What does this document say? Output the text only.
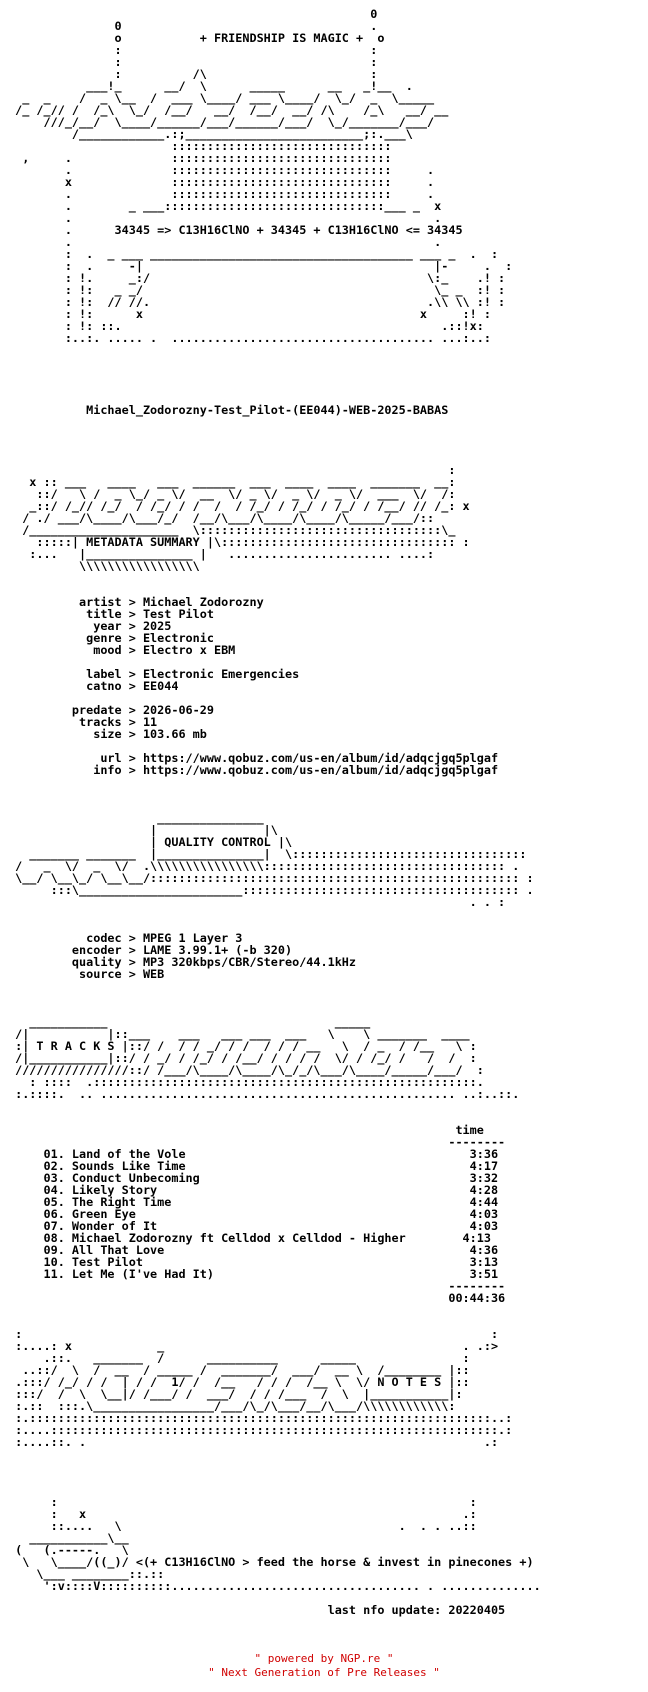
0
0                                   .
o           + FRIENDSHIP IS MAGIC +  o
:                                   :
:                                   :
:          /\                       :
___!_      __/  \      _____      __   _!__  .
_  _    /  _ \__  /  ___ \____/ ___ \____/  \_/  _  \_____
/_ /_// /  /_\  \_/  /__/   __/  /__/  __/ /\    /_\   __/ __
///_/__/  \____/______/___/______/___/  \_/_______/___/
/____________.:;_________________________;:.___\
:::::::::::::::::::::::::::::::
,     .              :::::::::::::::::::::::::::::::
.              :::::::::::::::::::::::::::::::     .
x              :::::::::::::::::::::::::::::::     .
.              :::::::::::::::::::::::::::::::     .
.        _ ___:::::::::::::::::::::::::::::::___ _  x
.                                                   .
.      34345 => C13H16ClNO + 34345 + C13H16ClNO <= 34345
.                                                   .
:  .  _ ___ _____________________________________ ___ _  .  :
:  .     -|                                         |-     .  :
: !.     _:/                                       \:_    .! :
: !:   _ _/                                         \_ _  :! :
: !:  // //.                                       .\\ \\ :! :
: !:      x                                       x     :! :
: !: ::.                                             .::!x:
:..:. ..... .  ..................................... ...:..:

Michael_Zodorozny-Test_Pilot-(EE044)-WEB-2025-BABAS

:
x :: ___   ____   ___  ______  ___  ____  ____  _______  __:
::/   \ /  _ \_/ _ \/  __  \/ _ \/  _ \/  _ \/  ___  \/  /:
_::/ /_// /_/  / /_/ / /  /  / /_/ / /_/ / /_/ / /__/ // /_: x
/ ./ ___/\____/\___/_/  /__/\___/\____/\____/\_____/___/::
/_____________________  \::::::::::::::::::::::::::::::::::\_
:::::| METADATA SUMMARY |\::::::::::::::::::::::::::::::::: :
:...   |_______________ |   ....................... ....:
\\\\\\\\\\\\\\\\\

artist > Michael Zodorozny
title > Test Pilot
year > 2025
genre > Electronic
mood > Electro x EBM

label > Electronic Emergencies
catno > EE044

predate > 2026-06-29
tracks > 11
size > 103.66 mb

url > https://www.qobuz.com/us-en/album/id/adqcjgq5plgaf
info > https://www.qobuz.com/us-en/album/id/adqcjgq5plgaf

_______________
|               |\
| QUALITY CONTROL |\
_______ _______  |_______________|  \:::::::::::::::::::::::::::::::::
/   _  \/  _  \/  .\\\\\\\\\\\\\\\\:::::::::::::::::::::::::::::::::: .
\__/ \__\_/ \__\__/:::::::::::::::::::::::::::::::::::::::::::::::::::: :
:::\_______________________::::::::::::::::::::::::::::::::::::::: .
. . :

codec > MPEG 1 Layer 3
encoder > LAME 3.99.1+ (-b 320)
quality > MP3 320kbps/CBR/Stereo/44.1kHz
source > WEB

___________                                _____
/|           |::___    ___   ___ ___  ___   \    \ _______  ____
:| T R A C K S |::/ /  / / _/ / /  / / / __   \  / _  / /__   \ :
/|___________|::/ / _/ / /_/ / /__/ / / / /  \/ / /_/ /   /  /  :
////////////////::/ /___/\____/\____/\_/_/\___/\____/_____/___/  :
: ::::  .::::::::::::::::::::::::::::::::::::::::::::::::::::::.
:.::::.  .. .................................................. ..:..::.

time
--------
01. Land of the Vole                                        3:36
02. Sounds Like Time                                        4:17
03. Conduct Unbecoming                                      3:32
04. Likely Story                                            4:28
05. The Right Time                                          4:44
06. Green Eye                                               4:03
07. Wonder of It                                            4:03
08. Michael Zodorozny ft Celldod x Celldod - Higher        4:13
09. All That Love                                           4:36
10. Test Pilot                                              3:13
11. Let Me (I've Had It)                                    3:51
--------
00:44:36

:                                                                  :
:....: x            _                                          . .:>
.::.   _______  /      __________      _____               :
..::/  \  /  __  / _____ /  _______/  ___/  __ \  /________ |::
.:::/ /_/ / /  | / /  1/ /  /__   / / /  /__ \  \/ N O T E S |::
:::/  /  \  \__|/ /___/ /  ___/  / / /___  /  \  |___________|:
:.::  :::.\_________________/___/\_/\___/__/\___/\\\\\\\\\\\\:
:.:::::::::::::::::::::::::::::::::::::::::::::::::::::::::::::::::..:
:....:::::::::::::::::::::::::::::::::::::::::::::::::::::::::::::::.:
:....::. .                                                        .:

:                                                          :
:   x                                                     .:
::....   \                                       .  . . ..::
___________\__
(   (.-----.   \
\   \____/((_)/ <(+ C13H16ClNO > feed the horse & invest in pinecones +)
\___ ________::.::
':v::::V::::::::::................................... . ..............

last nfo update: 20220405

" powered by NGP.re "
" Next Generation of Pre Releases "
